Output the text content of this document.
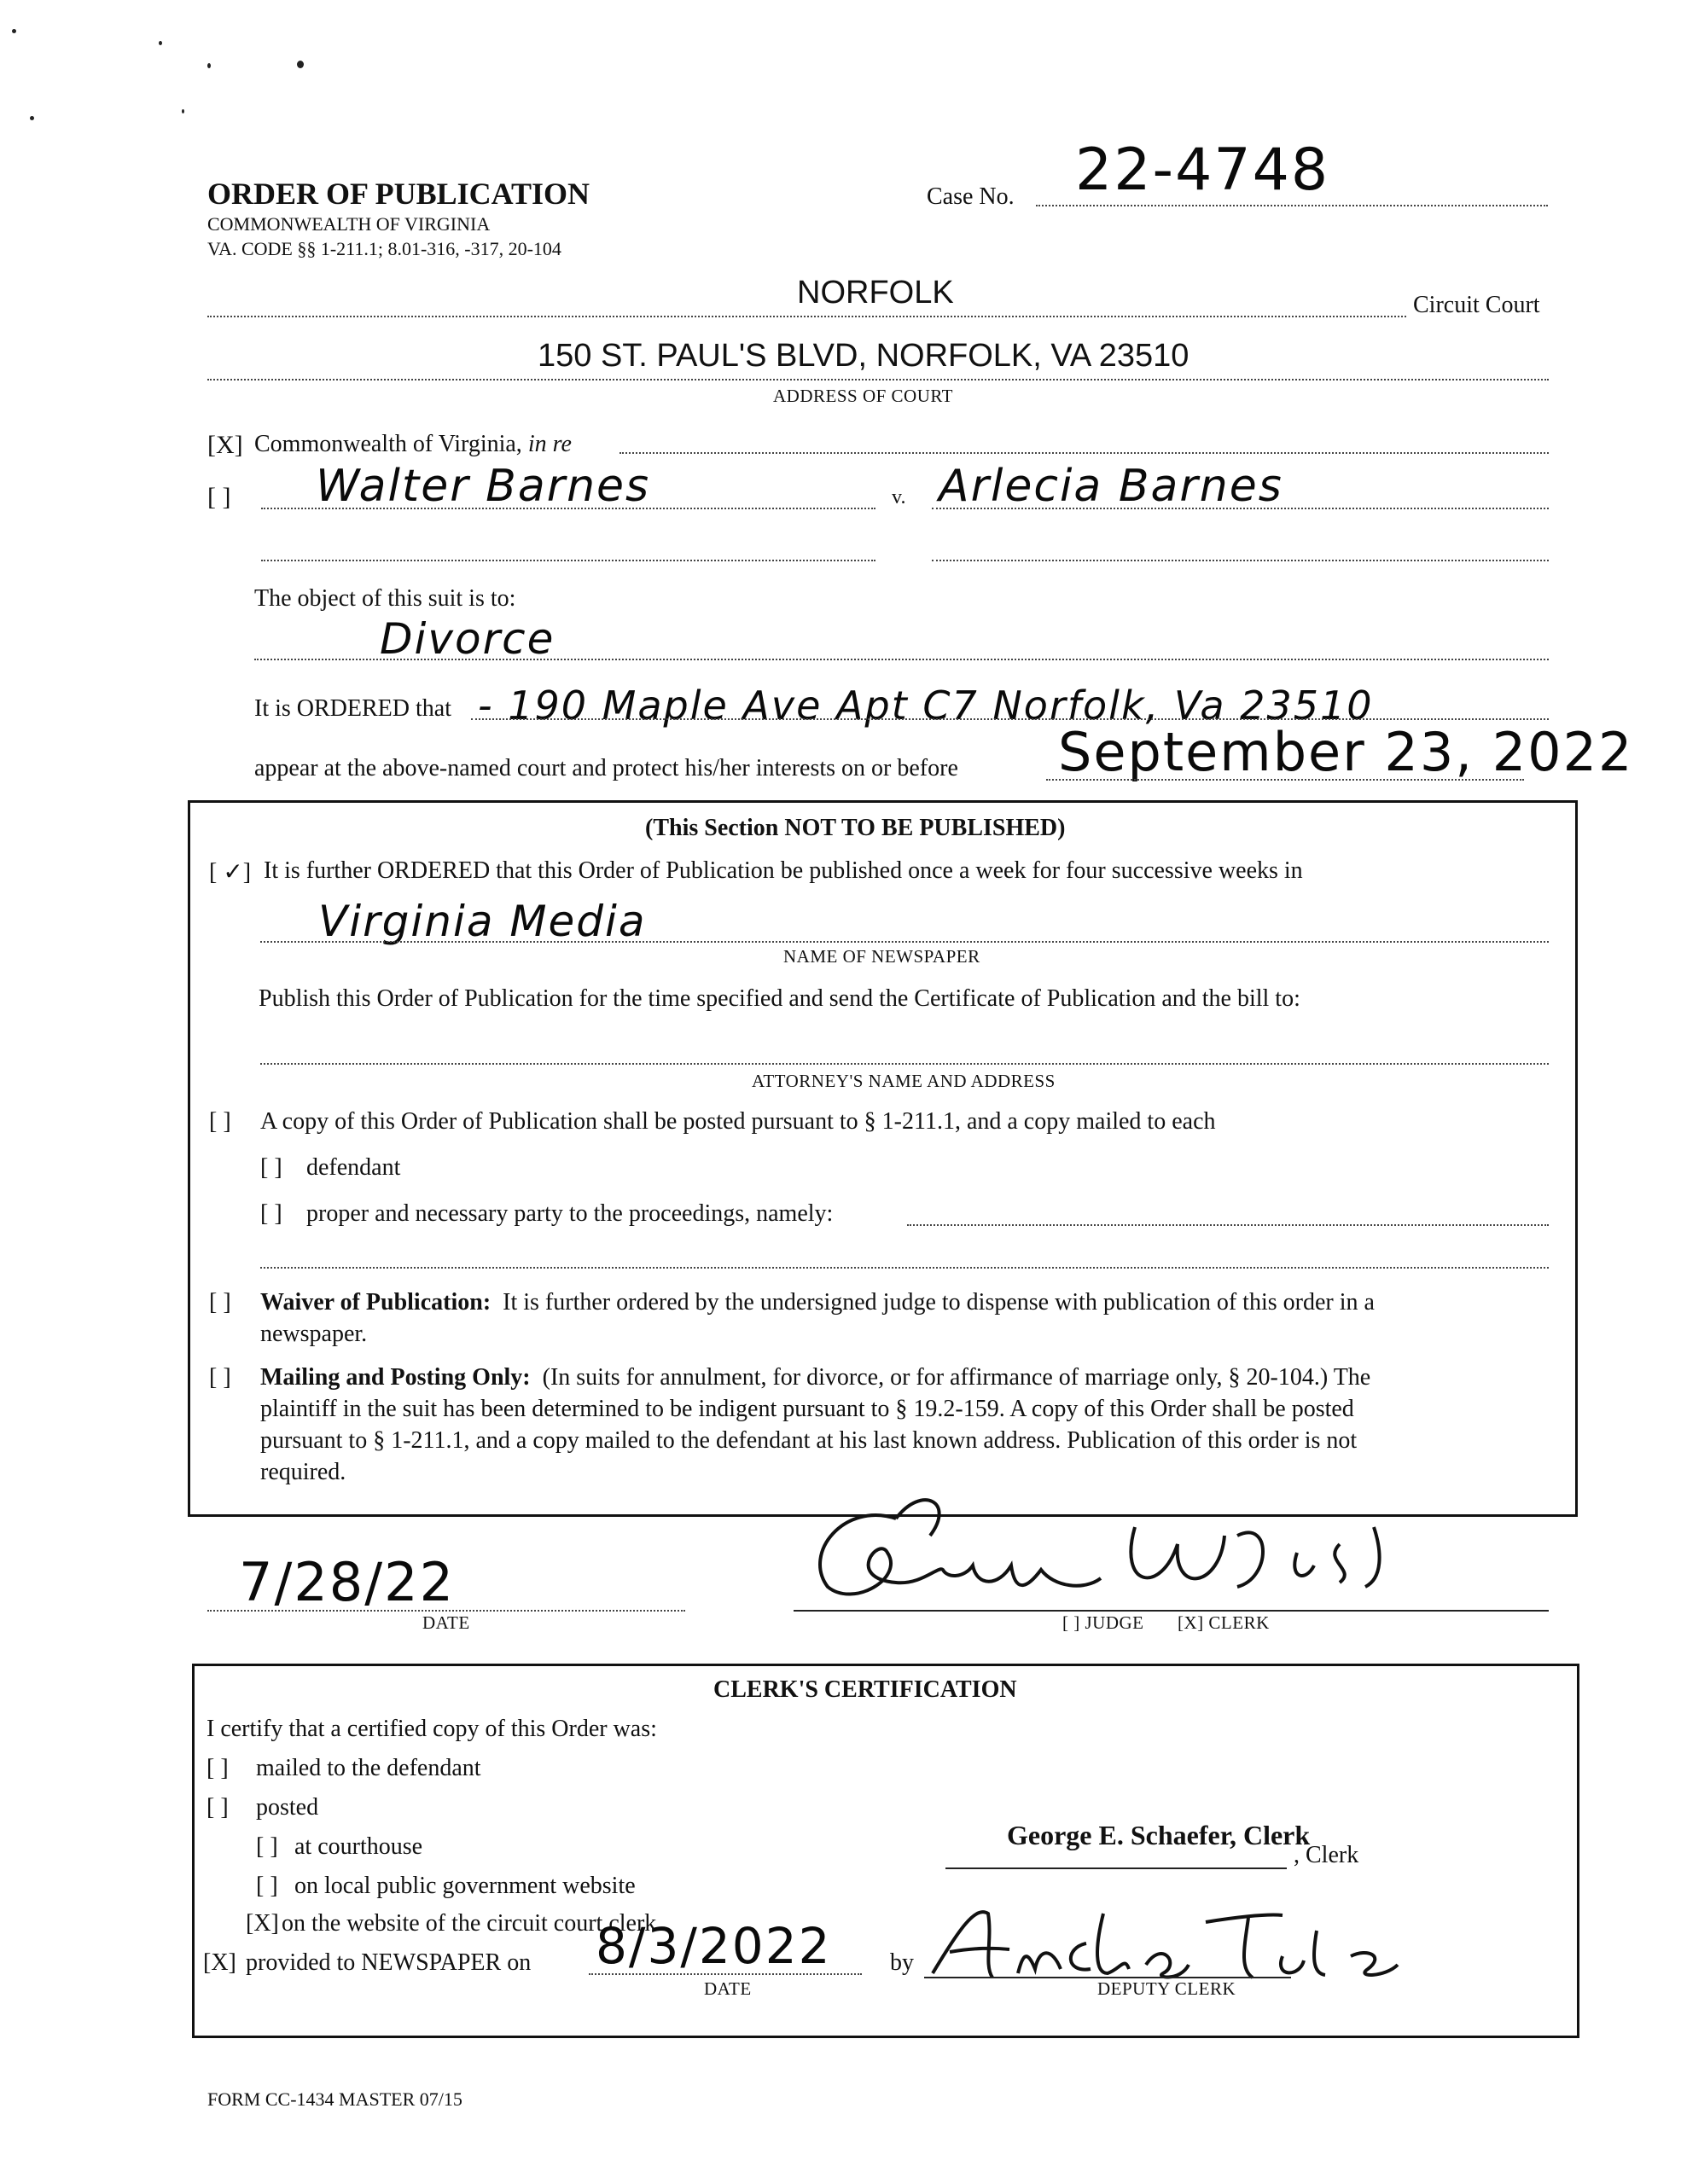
ORDER OF PUBLICATION
COMMONWEALTH OF VIRGINIA
VA. CODE §§ 1-211.1; 8.01-316, -317, 20-104
Case No. 22-4748
NORFOLK	Circuit Court
150 ST. PAUL'S BLVD, NORFOLK, VA 23510
ADDRESS OF COURT
[X] Commonwealth of Virginia, in re
[ ] Walter Barnes	v. Arlecia Barnes
The object of this suit is to:
Divorce
It is ORDERED that - 190 Maple Ave Apt C7 Norfolk, Va 23510
appear at the above-named court and protect his/her interests on or before September 23, 2022
(This Section NOT TO BE PUBLISHED)
[ ✓] It is further ORDERED that this Order of Publication be published once a week for four successive weeks in
Virginia Media
NAME OF NEWSPAPER
Publish this Order of Publication for the time specified and send the Certificate of Publication and the bill to:
ATTORNEY'S NAME AND ADDRESS
[ ] A copy of this Order of Publication shall be posted pursuant to § 1-211.1, and a copy mailed to each
[ ] defendant
[ ] proper and necessary party to the proceedings, namely:
[ ] Waiver of Publication: It is further ordered by the undersigned judge to dispense with publication of this order in a
newspaper.
[ ] Mailing and Posting Only: (In suits for annulment, for divorce, or for affirmance of marriage only, § 20-104.) The
plaintiff in the suit has been determined to be indigent pursuant to § 19.2-159. A copy of this Order shall be posted
pursuant to § 1-211.1, and a copy mailed to the defendant at his last known address. Publication of this order is not
required.
7/28/22
DATE	[ ] JUDGE [X] CLERK
CLERK'S CERTIFICATION
I certify that a certified copy of this Order was:
[ ] mailed to the defendant
[ ] posted
[ ] at courthouse
[ ] on local public government website
[X] on the website of the circuit court clerk
[X] provided to NEWSPAPER on 8/3/2022
DATE
by
George E. Schaefer, Clerk
, Clerk
DEPUTY CLERK
FORM CC-1434 MASTER 07/15
